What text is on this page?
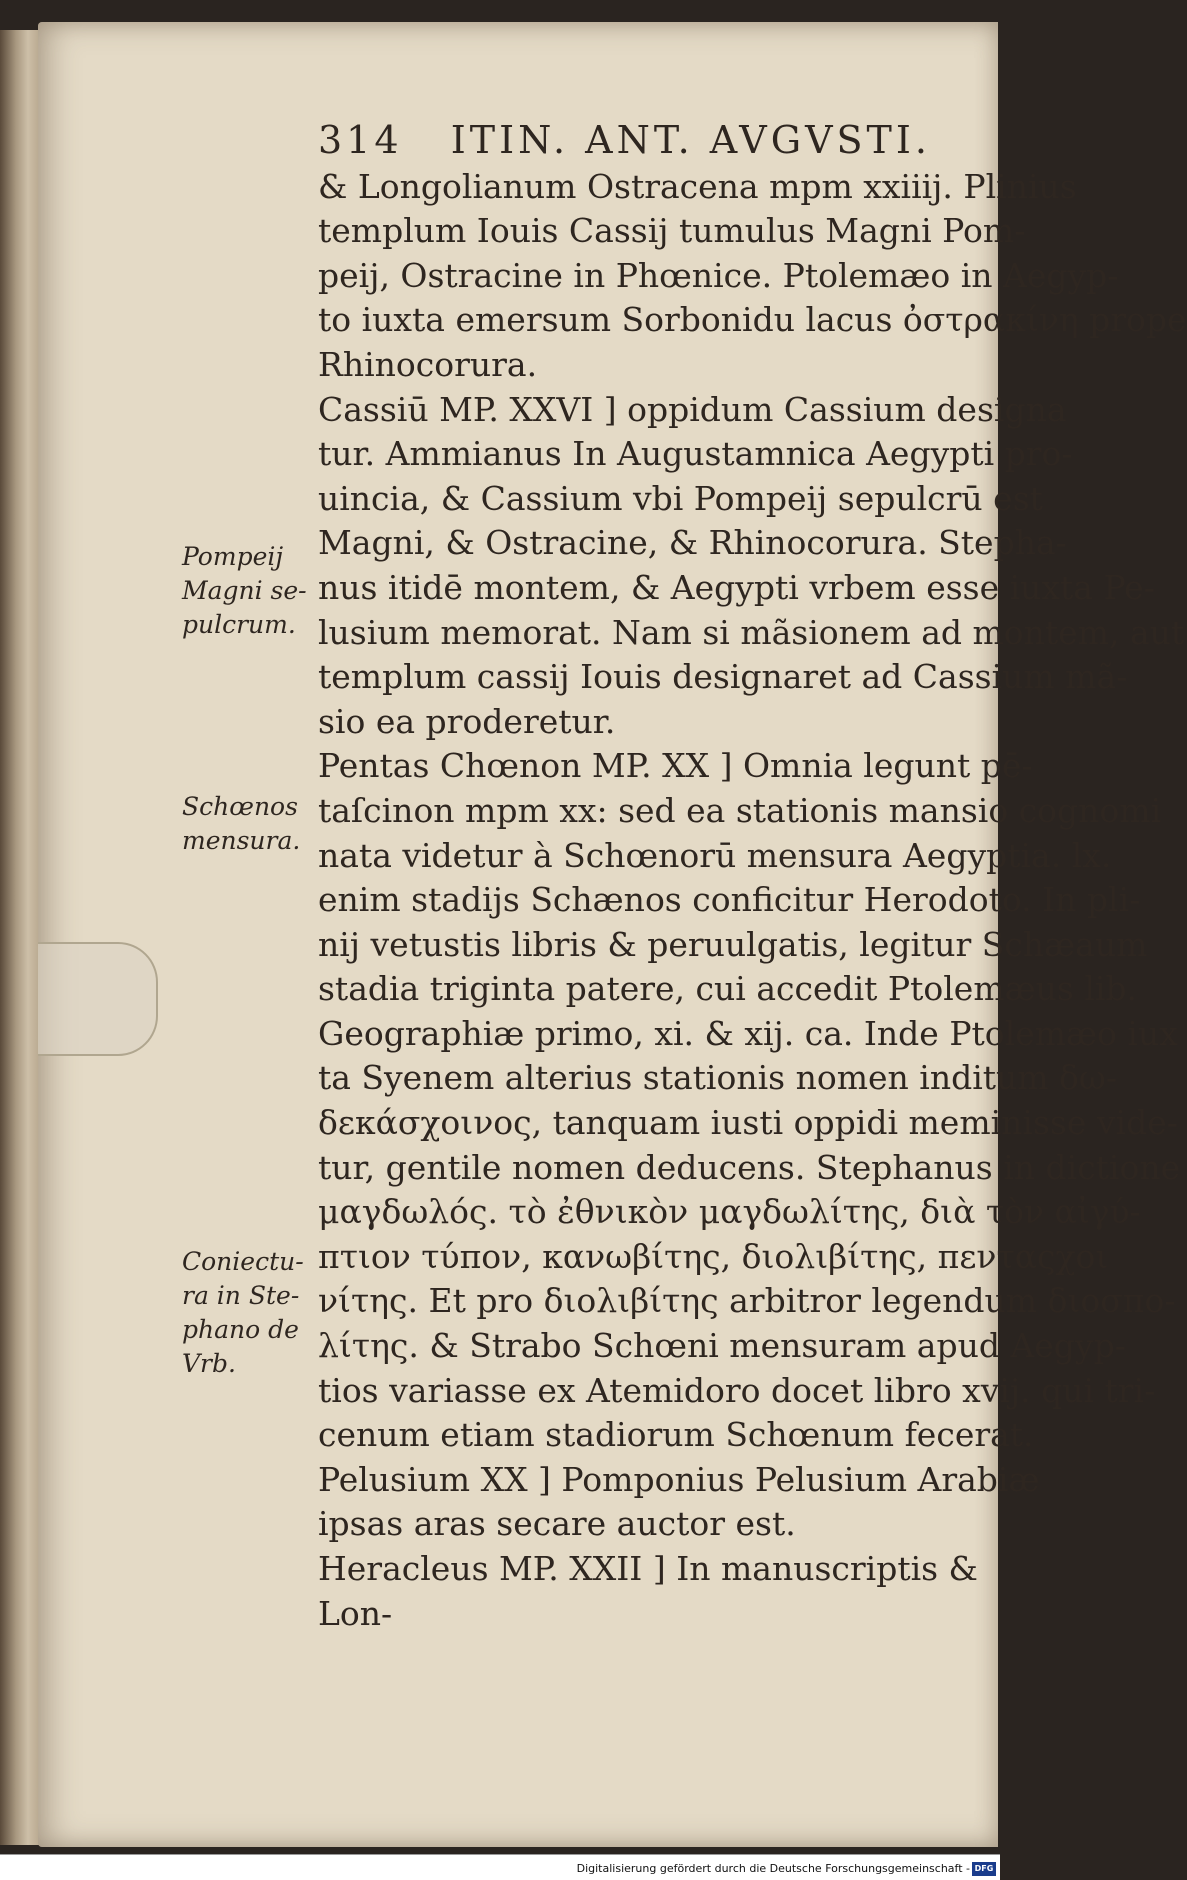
314 ITIN. ANT. AVGVSTI.
& Longolianum Ostracena mpm xxiiij. Plinius
templum Iouis Cassij tumulus Magni Pom-
peij, Ostracine in Phœnice. Ptolemæo in Aegyp-
to iuxta emersum Sorbonidu lacus ὀστρακίνη prope
Rhinocorura.
Cassiū MP. XXVI ] oppidum Cassium designa
tur. Ammianus In Augustamnica Aegypti pro-
uincia, & Cassium vbi Pompeij sepulcrū est
Magni, & Ostracine, & Rhinocorura. Stepha-
nus itidē montem, & Aegypti vrbem esse iuxta Pe-
lusium memorat. Nam si mãsionem ad montem, aut
templum cassij Iouis designaret ad Cassium mã-
sio ea proderetur.
Pentas Chœnon MP. XX ] Omnia legunt pē-
taſcinon mpm xx: sed ea stationis mansio cognomi
nata videtur à Schœnorū mensura Aegyptia. lx.
enim stadijs Schænos conficitur Herodoto. In pli-
nij vetustis libris & peruulgatis, legitur Schæaum
stadia triginta patere, cui accedit Ptolemæus lib.
Geographiæ primo, xi. & xij. ca. Inde Ptolemæo iux
ta Syenem alterius stationis nomen inditum δω-
δεκάσχοινος, tanquam iusti oppidi meminisse vide-
tur, gentile nomen deducens. Stephanus in dictione
μαγδωλός. τὸ ἐθνικὸν μαγδωλίτης, διὰ τὸν αἰγύ-
πτιον τύπον, κανωβίτης, διολιβίτης, πενταςχοι
νίτης. Et pro διολιβίτης arbitror legendum διοσπο-
λίτης. & Strabo Schœni mensuram apud Aegyp-
tios variasse ex Atemidoro docet libro xvij. qui tri-
cenum etiam stadiorum Schœnum fecerat.
Pelusium XX ] Pomponius Pelusium Arabiæ
ipsas aras secare auctor est.
Heracleus MP. XXII ] In manuscriptis &
Lon-
Pompeij
Magni se-
pulcrum.
Schœnos
mensura.
Coniectu-
ra in Ste-
phano de
Vrb.
Digitalisierung gefördert durch die Deutsche Forschungsgemeinschaft - DFG
